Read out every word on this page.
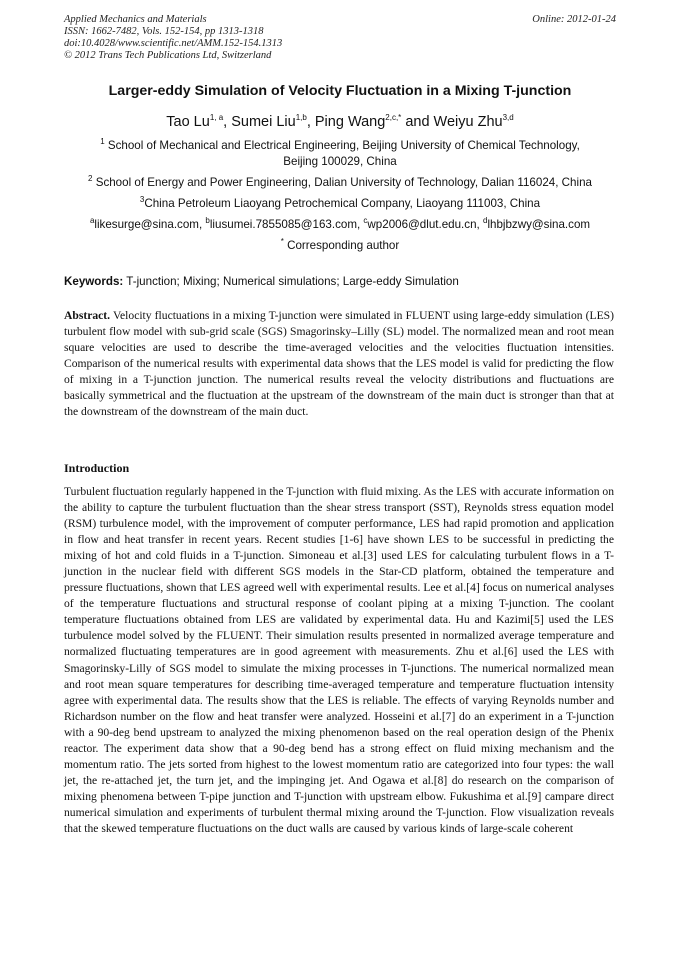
Applied Mechanics and Materials
ISSN: 1662-7482, Vols. 152-154, pp 1313-1318
doi:10.4028/www.scientific.net/AMM.152-154.1313
© 2012 Trans Tech Publications Ltd, Switzerland
Online: 2012-01-24
Larger-eddy Simulation of Velocity Fluctuation in a Mixing T-junction
Tao Lu$^{1, a}$, Sumei Liu$^{1,b}$, Ping Wang$^{2,c,*}$ and Weiyu Zhu$^{3,d}$
$^1$ School of Mechanical and Electrical Engineering, Beijing University of Chemical Technology,
Beijing 100029, China
$^2$ School of Energy and Power Engineering, Dalian University of Technology, Dalian 116024, China
$^3$China Petroleum Liaoyang Petrochemical Company, Liaoyang 111003, China
$^a$likesurge@sina.com, $^b$liusumei.7855085@163.com, $^c$wp2006@dlut.edu.cn, $^d$lhbjbzwy@sina.com
* Corresponding author
Keywords: T-junction; Mixing; Numerical simulations; Large-eddy Simulation
Abstract. Velocity fluctuations in a mixing T-junction were simulated in FLUENT using large-eddy simulation (LES) turbulent flow model with sub-grid scale (SGS) Smagorinsky–Lilly (SL) model. The normalized mean and root mean square velocities are used to describe the time-averaged velocities and the velocities fluctuation intensities. Comparison of the numerical results with experimental data shows that the LES model is valid for predicting the flow of mixing in a T-junction junction. The numerical results reveal the velocity distributions and fluctuations are basically symmetrical and the fluctuation at the upstream of the downstream of the main duct is stronger than that at the downstream of the downstream of the main duct.
Introduction
Turbulent fluctuation regularly happened in the T-junction with fluid mixing. As the LES with accurate information on the ability to capture the turbulent fluctuation than the shear stress transport (SST), Reynolds stress equation model (RSM) turbulence model, with the improvement of computer performance, LES had rapid promotion and application in flow and heat transfer in recent years. Recent studies [1-6] have shown LES to be successful in predicting the mixing of hot and cold fluids in a T-junction. Simoneau et al.[3] used LES for calculating turbulent flows in a T-junction in the nuclear field with different SGS models in the Star-CD platform, obtained the temperature and pressure fluctuations, shown that LES agreed well with experimental results. Lee et al.[4] focus on numerical analyses of the temperature fluctuations and structural response of coolant piping at a mixing T-junction. The coolant temperature fluctuations obtained from LES are validated by experimental data. Hu and Kazimi[5] used the LES turbulence model solved by the FLUENT. Their simulation results presented in normalized average temperature and normalized fluctuating temperatures are in good agreement with measurements. Zhu et al.[6] used the LES with Smagorinsky-Lilly of SGS model to simulate the mixing processes in T-junctions. The numerical normalized mean and root mean square temperatures for describing time-averaged temperature and temperature fluctuation intensity agree with experimental data. The results show that the LES is reliable. The effects of varying Reynolds number and Richardson number on the flow and heat transfer were analyzed. Hosseini et al.[7] do an experiment in a T-junction with a 90-deg bend upstream to analyzed the mixing phenomenon based on the real operation design of the Phenix reactor. The experiment data show that a 90-deg bend has a strong effect on fluid mixing mechanism and the momentum ratio. The jets sorted from highest to the lowest momentum ratio are categorized into four types: the wall jet, the re-attached jet, the turn jet, and the impinging jet. And Ogawa et al.[8] do research on the comparison of mixing phenomena between T-pipe junction and T-junction with upstream elbow. Fukushima et al.[9] campare direct numerical simulation and experiments of turbulent thermal mixing around the T-junction. Flow visualization reveals that the skewed temperature fluctuations on the duct walls are caused by various kinds of large-scale coherent
